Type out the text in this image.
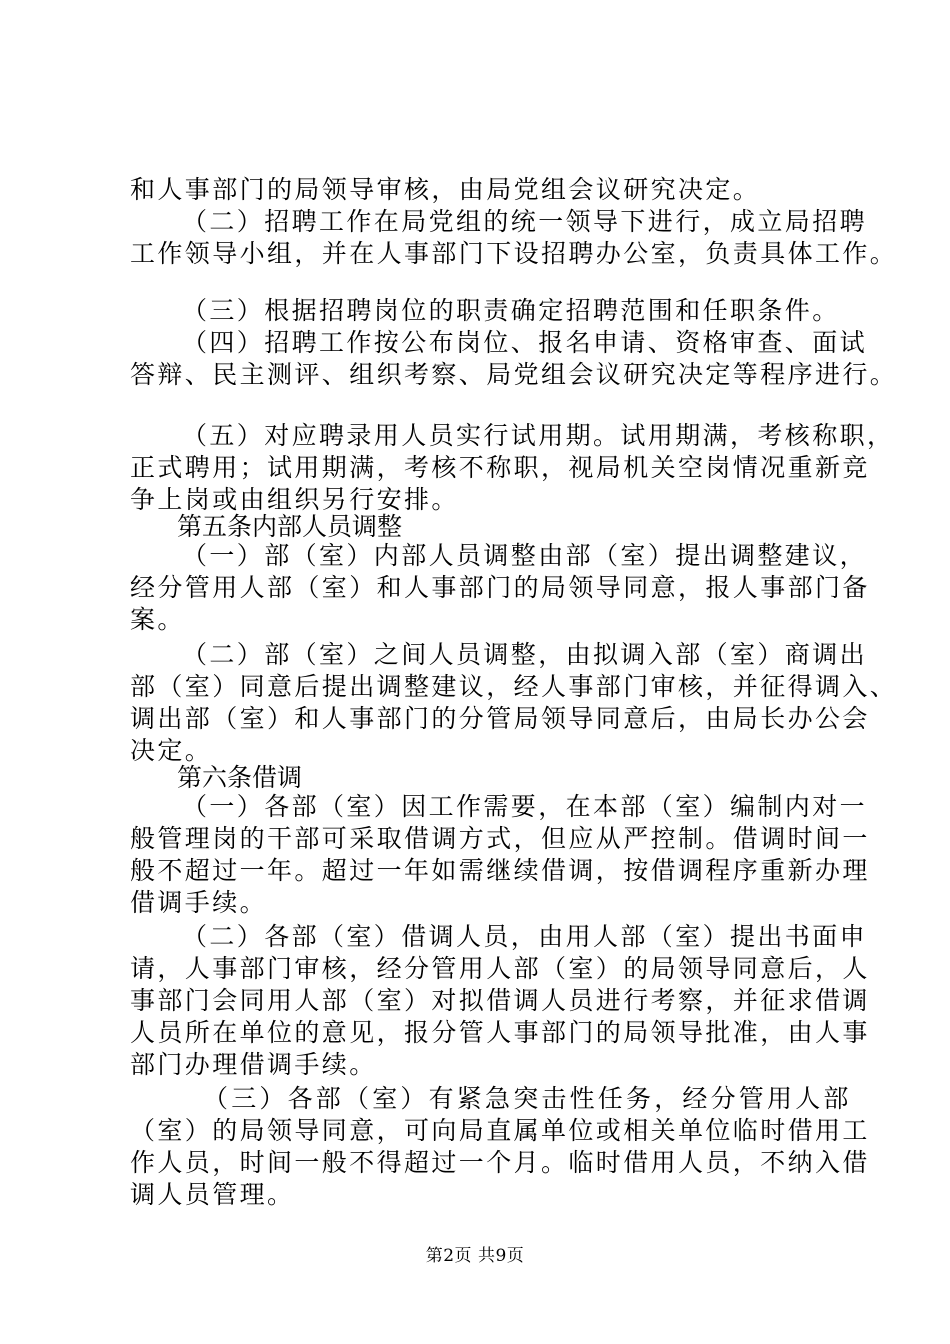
和人事部门的局领导审核，由局党组会议研究决定。
（二）招聘工作在局党组的统一领导下进行，成立局招聘
工作领导小组，并在人事部门下设招聘办公室，负责具体工作。
（三）根据招聘岗位的职责确定招聘范围和任职条件。
（四）招聘工作按公布岗位、报名申请、资格审查、面试
答辩、民主测评、组织考察、局党组会议研究决定等程序进行。
（五）对应聘录用人员实行试用期。试用期满，考核称职，
正式聘用；试用期满，考核不称职，视局机关空岗情况重新竞
争上岗或由组织另行安排。
第五条内部人员调整
（一）部（室）内部人员调整由部（室）提出调整建议，
经分管用人部（室）和人事部门的局领导同意，报人事部门备
案。
（二）部（室）之间人员调整，由拟调入部（室）商调出
部（室）同意后提出调整建议，经人事部门审核，并征得调入、
调出部（室）和人事部门的分管局领导同意后，由局长办公会
决定。
第六条借调
（一）各部（室）因工作需要，在本部（室）编制内对一
般管理岗的干部可采取借调方式，但应从严控制。借调时间一
般不超过一年。超过一年如需继续借调，按借调程序重新办理
借调手续。
（二）各部（室）借调人员，由用人部（室）提出书面申
请，人事部门审核，经分管用人部（室）的局领导同意后，人
事部门会同用人部（室）对拟借调人员进行考察，并征求借调
人员所在单位的意见，报分管人事部门的局领导批准，由人事
部门办理借调手续。
（三）各部（室）有紧急突击性任务，经分管用人部
（室）的局领导同意，可向局直属单位或相关单位临时借用工
作人员，时间一般不得超过一个月。临时借用人员，不纳入借
调人员管理。
第2页 共9页
